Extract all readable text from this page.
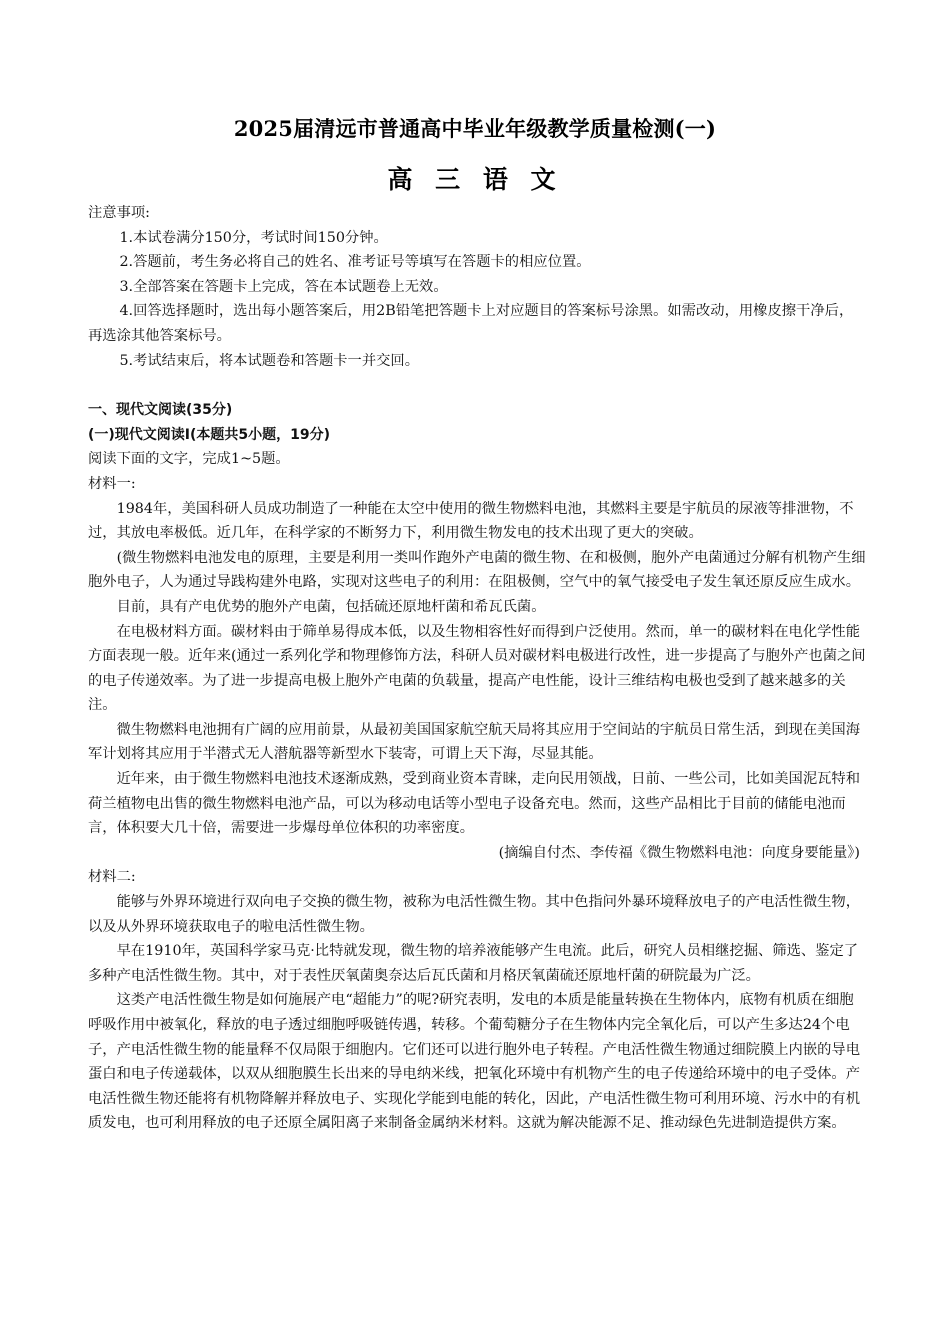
2025届清远市普通高中毕业年级教学质量检测(一)
高 三 语 文

注意事项:

1.本试卷满分150分，考试时间150分钟。

2.答题前，考生务必将自己的姓名、准考证号等填写在答题卡的相应位置。

3.全部答案在答题卡上完成，答在本试题卷上无效。

4.回答选择题时，选出每小题答案后，用2B铅笔把答题卡上对应题目的答案标号涂黑。如需改动，用橡皮擦干净后，再选涂其他答案标号。

5.考试结束后，将本试题卷和答题卡一并交回。

一、现代文阅读(35分)

(一)现代文阅读Ⅰ(本题共5小题，19分)

阅读下面的文字，完成1~5题。

材料一:

1984年，美国科研人员成功制造了一种能在太空中使用的微生物燃料电池，其燃料主要是宇航员的尿液等排泄物，不过，其放电率极低。近几年，在科学家的不断努力下，利用微生物发电的技术出现了更大的突破。

(微生物燃料电池发电的原理，主要是利用一类叫作跑外产电菌的微生物、在和极侧，胞外产电菌通过分解有机物产生细胞外电子，人为通过导践构建外电路，实现对这些电子的利用：在阻极侧，空气中的氧气接受电子发生氧还原反应生成水。

目前，具有产电优势的胞外产电菌，包括硫还原地杆菌和希瓦氏菌。

在电极材料方面。碳材料由于筛单易得成本低，以及生物相容性好而得到户泛使用。然而，单一的碳材料在电化学性能方面表现一般。近年来(通过一系列化学和物理修饰方法，科研人员对碳材料电极进行改性，进一步提高了与胞外产也菌之间的电子传递效率。为了进一步提高电极上胞外产电菌的负载量，提高产电性能，设计三维结构电极也受到了越来越多的关注。

微生物燃料电池拥有广阔的应用前景，从最初美国国家航空航天局将其应用于空间站的宇航员日常生活，到现在美国海军计划将其应用于半潜式无人潜航器等新型水下装寄，可谓上天下海，尽显其能。

近年来，由于微生物燃料电池技术逐渐成熟，受到商业资本青睐，走向民用领战，日前、一些公司，比如美国泥瓦特和荷兰植物电出售的微生物燃料电池产品，可以为移动电话等小型电子设备充电。然而，这些产品相比于目前的储能电池而言，体积要大几十倍，需要进一步爆母单位体积的功率密度。

(摘编自付杰、李传福《微生物燃料电池：向度身要能量》)

材料二:

能够与外界环境进行双向电子交换的微生物，被称为电活性微生物。其中色指问外暴环境释放电子的产电活性微生物，以及从外界环境获取电子的啦电活性微生物。

早在1910年，英国科学家马克·比特就发现，微生物的培养液能够产生电流。此后，研究人员相继挖掘、筛选、鉴定了多种产电活性微生物。其中，对于表性厌氧菌奥奈达后瓦氏菌和月格厌氧菌硫还原地杆菌的研院最为广泛。

这类产电活性微生物是如何施展产电“超能力”的呢?研究表明，发电的本质是能量转换在生物体内，底物有机质在细胞呼吸作用中被氧化，释放的电子透过细胞呼吸链传遇，转移。个葡萄糖分子在生物体内完全氧化后，可以产生多达24个电子，产电活性微生物的能量释不仅局限于细胞内。它们还可以进行胞外电子转程。产电活性微生物通过细院膜上内嵌的导电蛋白和电子传递载体，以双从细胞膜生长出来的导电纳米线，把氧化环境中有机物产生的电子传递给环境中的电子受体。产电活性微生物还能将有机物降解并释放电子、实现化学能到电能的转化，因此，产电活性微生物可利用环境、污水中的有机质发电，也可利用释放的电子还原全属阳离子来制备金属纳米材料。这就为解决能源不足、推动绿色先进制造提供方案。
